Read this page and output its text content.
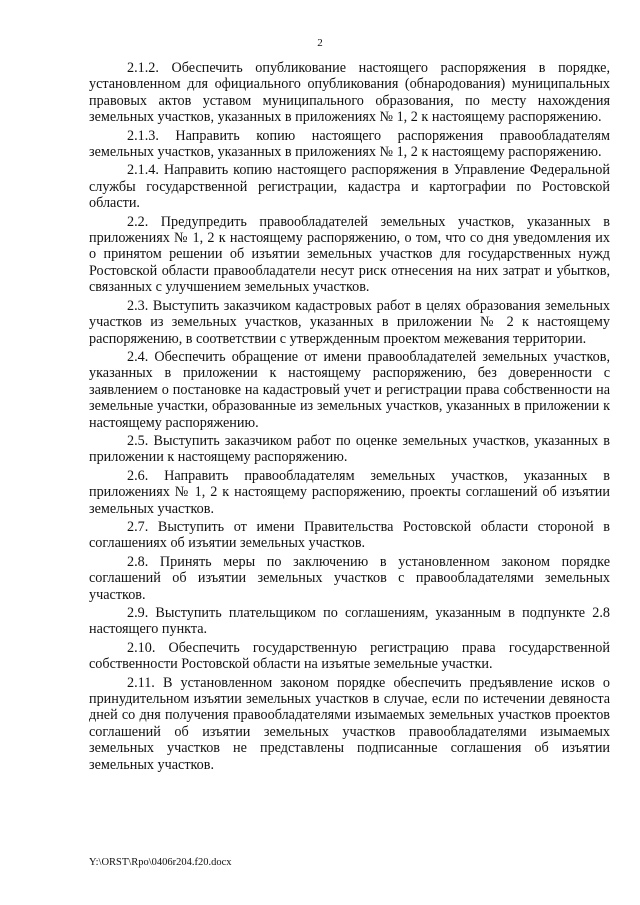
2

2.1.2. Обеспечить опубликование настоящего распоряжения в порядке, установленном для официального опубликования (обнародования) муниципальных правовых актов уставом муниципального образования, по месту нахождения земельных участков, указанных в приложениях № 1, 2 к настоящему распоряжению.

2.1.3. Направить копию настоящего распоряжения правообладателям земельных участков, указанных в приложениях № 1, 2 к настоящему распоряжению.

2.1.4. Направить копию настоящего распоряжения в Управление Федеральной службы государственной регистрации, кадастра и картографии по Ростовской области.

2.2. Предупредить правообладателей земельных участков, указанных в приложениях № 1, 2 к настоящему распоряжению, о том, что со дня уведомления их о принятом решении об изъятии земельных участков для государственных нужд Ростовской области правообладатели несут риск отнесения на них затрат и убытков, связанных с улучшением земельных участков.

2.3. Выступить заказчиком кадастровых работ в целях образования земельных участков из земельных участков, указанных в приложении № 2 к настоящему распоряжению, в соответствии с утвержденным проектом межевания территории.

2.4. Обеспечить обращение от имени правообладателей земельных участков, указанных в приложении к настоящему распоряжению, без доверенности с заявлением о постановке на кадастровый учет и регистрации права собственности на земельные участки, образованные из земельных участков, указанных в приложении к настоящему распоряжению.

2.5. Выступить заказчиком работ по оценке земельных участков, указанных в приложении к настоящему распоряжению.

2.6. Направить правообладателям земельных участков, указанных в приложениях № 1, 2 к настоящему распоряжению, проекты соглашений об изъятии земельных участков.

2.7. Выступить от имени Правительства Ростовской области стороной в соглашениях об изъятии земельных участков.

2.8. Принять меры по заключению в установленном законом порядке соглашений об изъятии земельных участков с правообладателями земельных участков.

2.9. Выступить плательщиком по соглашениям, указанным в подпункте 2.8 настоящего пункта.

2.10. Обеспечить государственную регистрацию права государственной собственности Ростовской области на изъятые земельные участки.

2.11. В установленном законом порядке обеспечить предъявление исков о принудительном изъятии земельных участков в случае, если по истечении девяноста дней со дня получения правообладателями изымаемых земельных участков проектов соглашений об изъятии земельных участков правообладателями изымаемых земельных участков не представлены подписанные соглашения об изъятии земельных участков.

Y:\ORST\Rpo\0406r204.f20.docx
